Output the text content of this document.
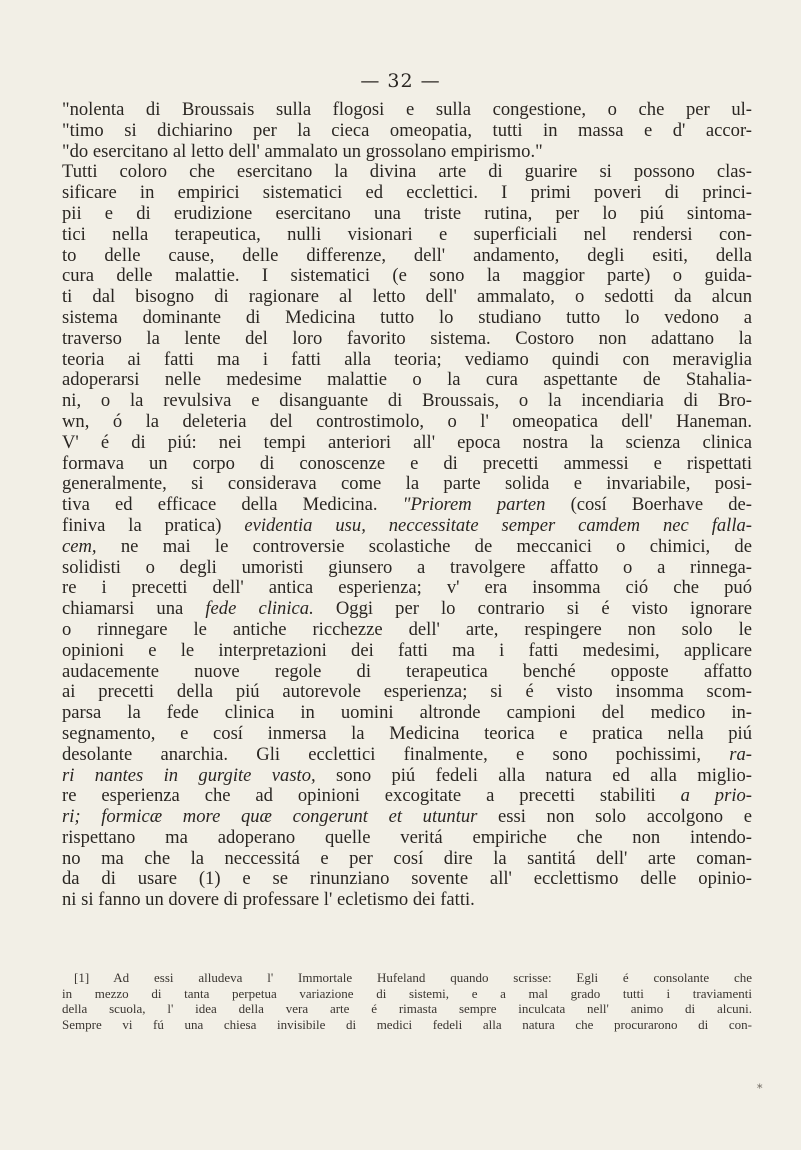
— 32 —
"nolenta di Broussais sulla flogosi e sulla congestione, o che per ul-
"timo si dichiarino per la cieca omeopatia, tutti in massa e d' accor-
"do esercitano al letto dell' ammalato un grossolano empirismo."
Tutti coloro che esercitano la divina arte di guarire si possono clas-
sificare in empirici sistematici ed ecclettici. I primi poveri di princi-
pii e di erudizione esercitano una triste rutina, per lo piú sintoma-
tici nella terapeutica, nulli visionari e superficiali nel rendersi con-
to delle cause, delle differenze, dell' andamento, degli esiti, della
cura delle malattie. I sistematici (e sono la maggior parte) o guida-
ti dal bisogno di ragionare al letto dell' ammalato, o sedotti da alcun
sistema dominante di Medicina tutto lo studiano tutto lo vedono a
traverso la lente del loro favorito sistema. Costoro non adattano la
teoria ai fatti ma i fatti alla teoria; vediamo quindi con meraviglia
adoperarsi nelle medesime malattie o la cura aspettante de Stahalia-
ni, o la revulsiva e disanguante di Broussais, o la incendiaria di Bro-
wn, ó la deleteria del controstimolo, o l' omeopatica dell' Haneman.
V' é di piú: nei tempi anteriori all' epoca nostra la scienza clinica
formava un corpo di conoscenze e di precetti ammessi e rispettati
generalmente, si considerava come la parte solida e invariabile, posi-
tiva ed efficace della Medicina. "Priorem parten (cosí Boerhave de-
finiva la pratica) evidentia usu, neccessitate semper camdem nec falla-
cem, ne mai le controversie scolastiche de meccanici o chimici, de
solidisti o degli umoristi giunsero a travolgere affatto o a rinnega-
re i precetti dell' antica esperienza; v' era insomma ció che puó
chiamarsi una fede clinica. Oggi per lo contrario si é visto ignorare
o rinnegare le antiche ricchezze dell' arte, respingere non solo le
opinioni e le interpretazioni dei fatti ma i fatti medesimi, applicare
audacemente nuove regole di terapeutica benché opposte affatto
ai precetti della piú autorevole esperienza; si é visto insomma scom-
parsa la fede clinica in uomini altronde campioni del medico in-
segnamento, e cosí inmersa la Medicina teorica e pratica nella piú
desolante anarchia. Gli ecclettici finalmente, e sono pochissimi, ra-
ri nantes in gurgite vasto, sono piú fedeli alla natura ed alla miglio-
re esperienza che ad opinioni excogitate a precetti stabiliti a prio-
ri; formicæ more quæ congerunt et utuntur essi non solo accolgono e
rispettano ma adoperano quelle veritá empiriche che non intendo-
no ma che la neccessitá e per cosí dire la santitá dell' arte coman-
da di usare (1) e se rinunziano sovente all' ecclettismo delle opinio-
ni si fanno un dovere di professare l' ecletismo dei fatti.
[1] Ad essi alludeva l' Immortale Hufeland quando scrisse: Egli é consolante che
in mezzo di tanta perpetua variazione di sistemi, e a mal grado tutti i traviamenti
della scuola, l' idea della vera arte é rimasta sempre inculcata nell' animo di alcuni.
Sempre vi fú una chiesa invisibile di medici fedeli alla natura che procurarono di con-
*
